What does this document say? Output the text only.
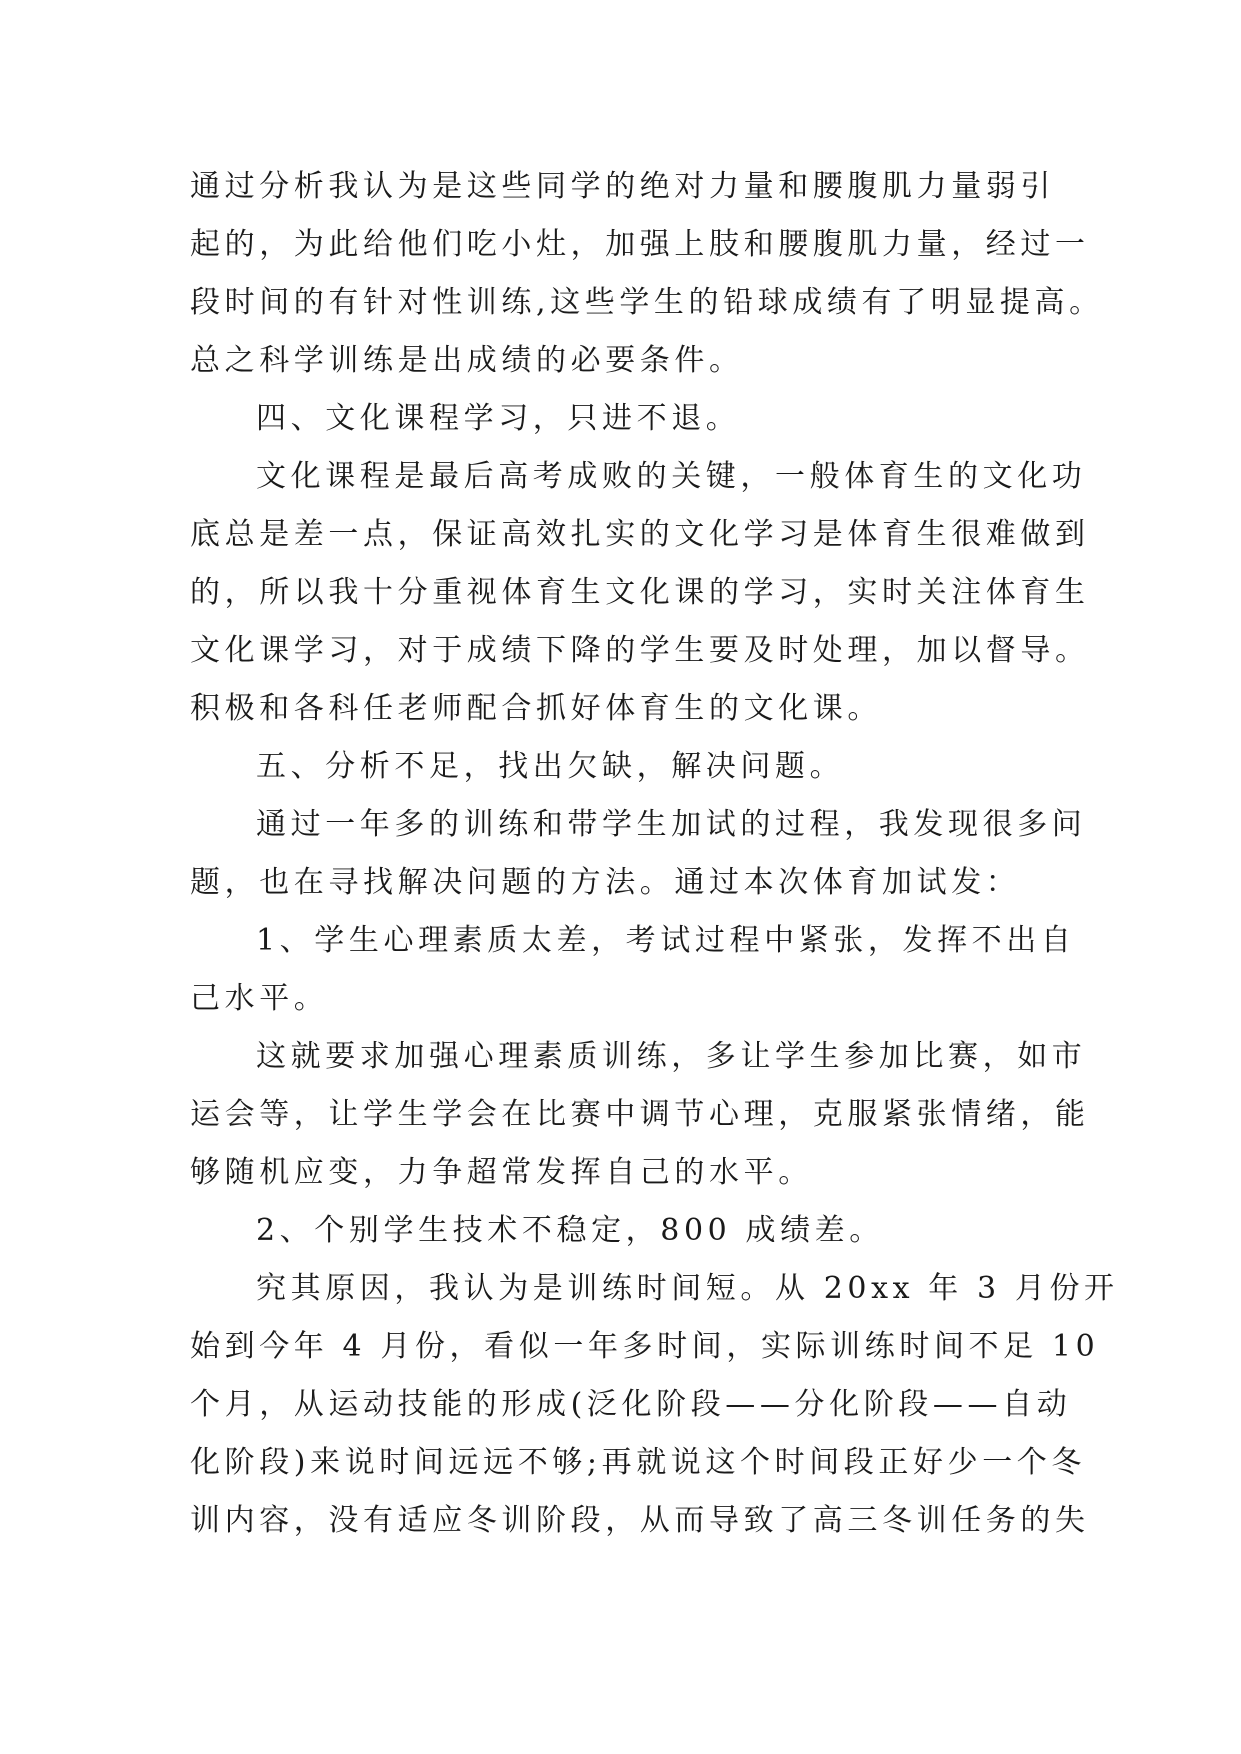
通过分析我认为是这些同学的绝对力量和腰腹肌力量弱引
起的，为此给他们吃小灶，加强上肢和腰腹肌力量，经过一
段时间的有针对性训练,这些学生的铅球成绩有了明显提高。
总之科学训练是出成绩的必要条件。
四、文化课程学习，只进不退。
文化课程是最后高考成败的关键，一般体育生的文化功
底总是差一点，保证高效扎实的文化学习是体育生很难做到
的，所以我十分重视体育生文化课的学习，实时关注体育生
文化课学习，对于成绩下降的学生要及时处理，加以督导。
积极和各科任老师配合抓好体育生的文化课。
五、分析不足，找出欠缺，解决问题。
通过一年多的训练和带学生加试的过程，我发现很多问
题，也在寻找解决问题的方法。通过本次体育加试发：
1、学生心理素质太差，考试过程中紧张，发挥不出自
己水平。
这就要求加强心理素质训练，多让学生参加比赛，如市
运会等，让学生学会在比赛中调节心理，克服紧张情绪，能
够随机应变，力争超常发挥自己的水平。
2、个别学生技术不稳定，800 成绩差。
究其原因，我认为是训练时间短。从 20xx 年 3 月份开
始到今年 4 月份，看似一年多时间，实际训练时间不足 10
个月，从运动技能的形成(泛化阶段——分化阶段——自动
化阶段)来说时间远远不够;再就说这个时间段正好少一个冬
训内容，没有适应冬训阶段，从而导致了高三冬训任务的失
